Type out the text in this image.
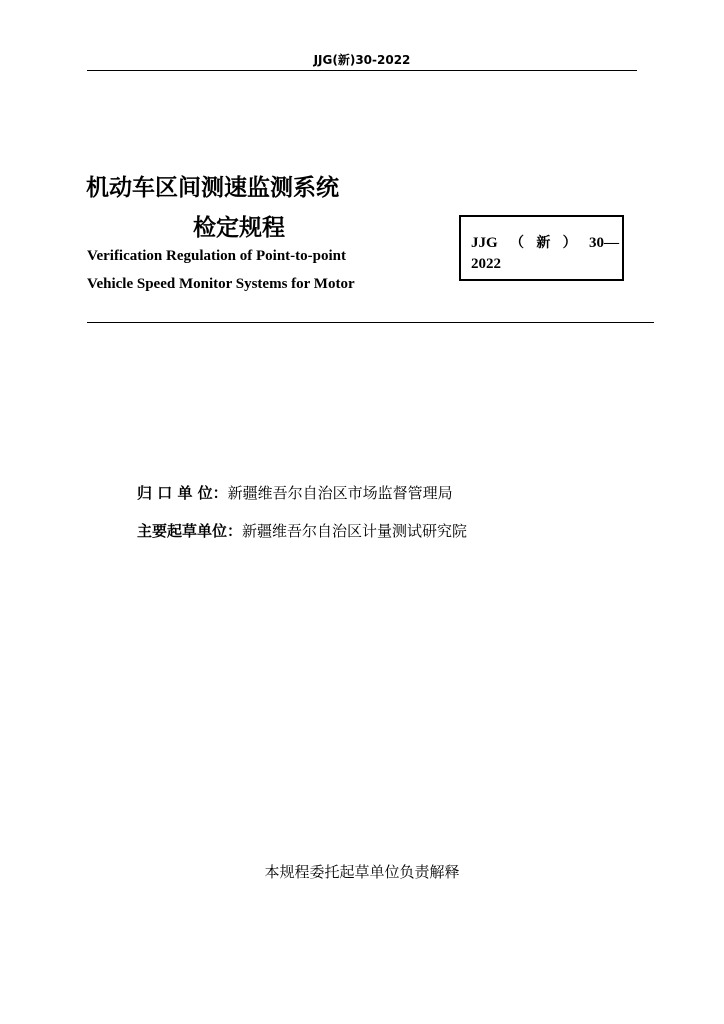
JJG(新)30-2022
机动车区间测速监测系统
检定规程
Verification Regulation of Point-to-point
Vehicle Speed Monitor Systems for Motor
JJG （ 新 ） 30—
2022
归 口 单 位：新疆维吾尔自治区市场监督管理局
主要起草单位：新疆维吾尔自治区计量测试研究院
本规程委托起草单位负责解释
